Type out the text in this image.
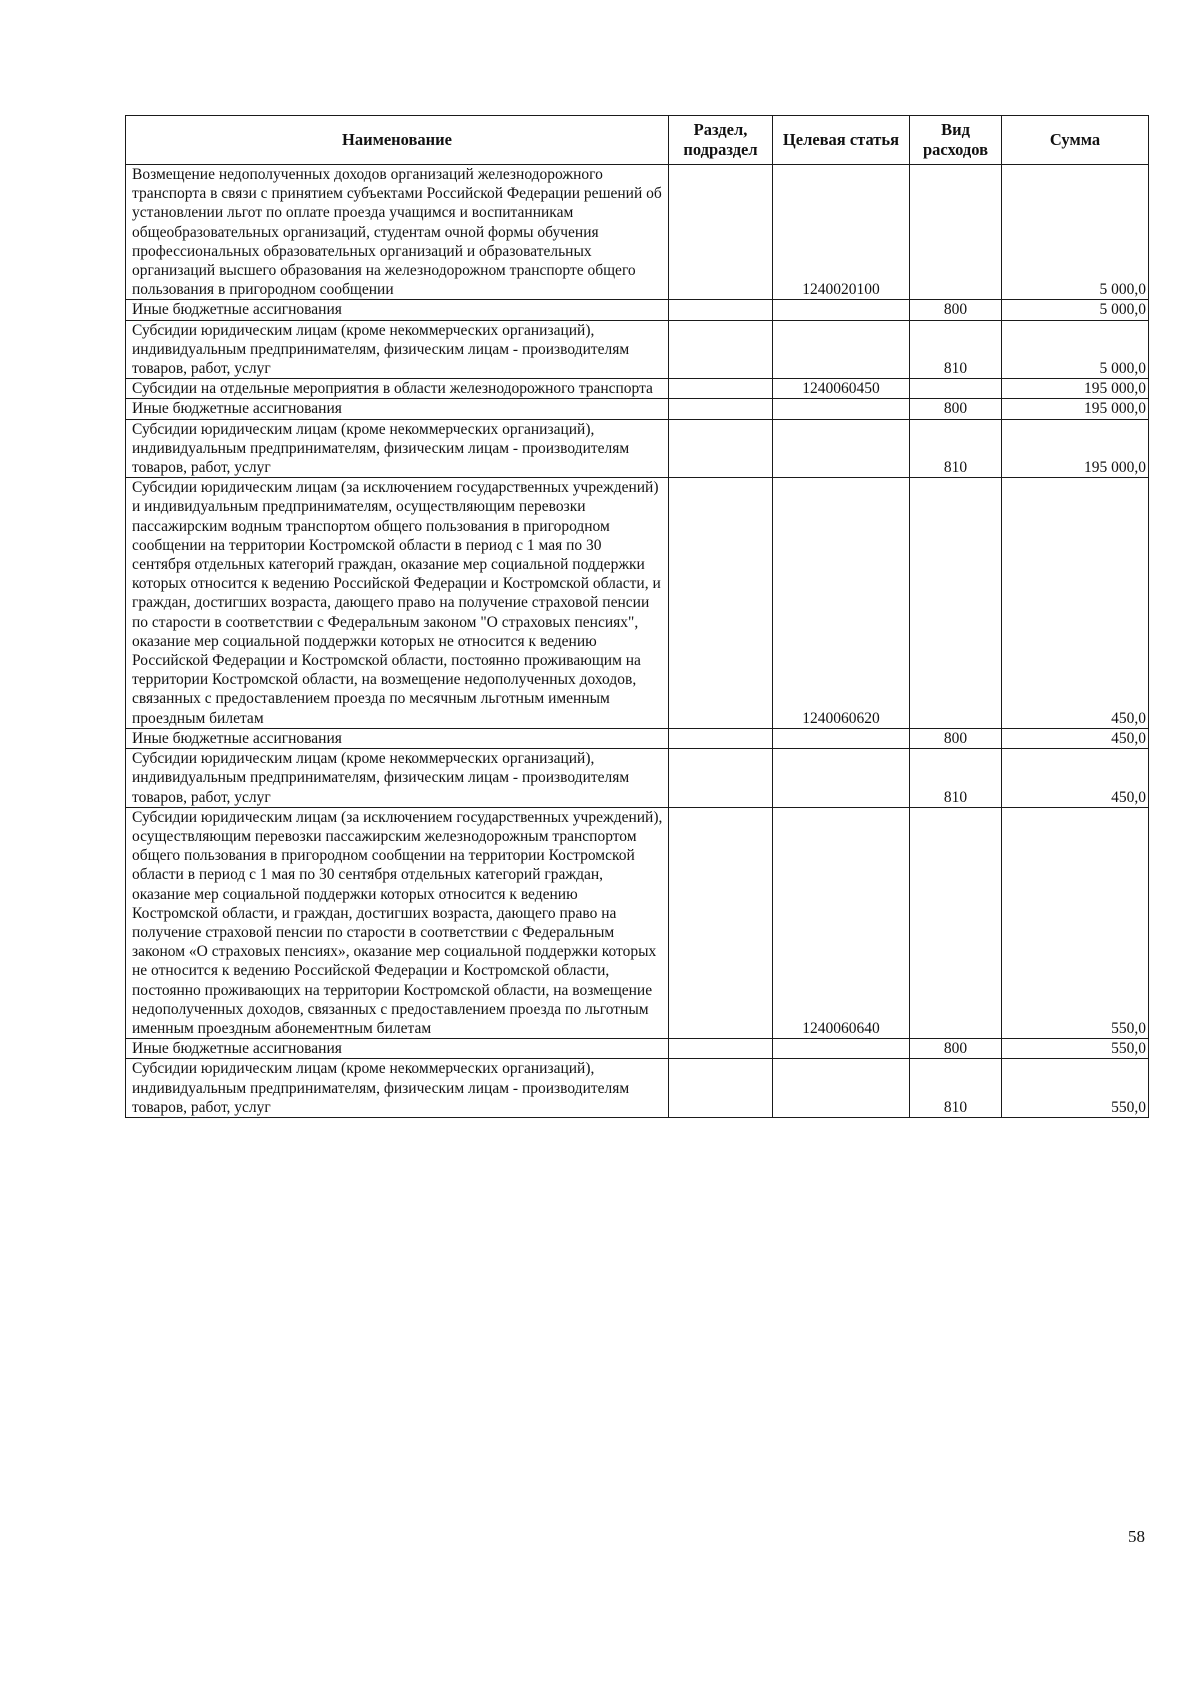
Наименование	Раздел, подраздел	Целевая статья	Вид расходов	Сумма
Возмещение недополученных доходов организаций железнодорожного транспорта в связи с принятием субъектами Российской Федерации решений об установлении льгот по оплате проезда учащимся и воспитанникам общеобразовательных организаций, студентам очной формы обучения профессиональных образовательных организаций и образовательных организаций высшего образования на железнодорожном транспорте общего пользования в пригородном сообщении		1240020100		5 000,0
Иные бюджетные ассигнования			800	5 000,0
Субсидии юридическим лицам (кроме некоммерческих организаций), индивидуальным предпринимателям, физическим лицам - производителям товаров, работ, услуг			810	5 000,0
Субсидии на отдельные мероприятия в области железнодорожного транспорта		1240060450		195 000,0
Иные бюджетные ассигнования			800	195 000,0
Субсидии юридическим лицам (кроме некоммерческих организаций), индивидуальным предпринимателям, физическим лицам - производителям товаров, работ, услуг			810	195 000,0
Субсидии юридическим лицам (за исключением государственных учреждений) и индивидуальным предпринимателям, осуществляющим перевозки пассажирским водным транспортом общего пользования в пригородном сообщении на территории Костромской области в период с 1 мая по 30 сентября отдельных категорий граждан, оказание мер социальной поддержки которых относится к ведению Российской Федерации и Костромской области, и граждан, достигших возраста, дающего право на получение страховой пенсии по старости в соответствии с Федеральным законом "О страховых пенсиях", оказание мер социальной поддержки которых не относится к ведению Российской Федерации и Костромской области, постоянно проживающим на территории Костромской области, на возмещение недополученных доходов, связанных с предоставлением проезда по месячным льготным именным проездным билетам		1240060620		450,0
Иные бюджетные ассигнования			800	450,0
Субсидии юридическим лицам (кроме некоммерческих организаций), индивидуальным предпринимателям, физическим лицам - производителям товаров, работ, услуг			810	450,0
Субсидии юридическим лицам (за исключением государственных учреждений), осуществляющим перевозки пассажирским железнодорожным транспортом общего пользования в пригородном сообщении на территории Костромской области в период с 1 мая по 30 сентября отдельных категорий граждан, оказание мер социальной поддержки которых относится к ведению Костромской области, и граждан, достигших возраста, дающего право на получение страховой пенсии по старости в соответствии с Федеральным законом «О страховых пенсиях», оказание мер социальной поддержки которых не относится к ведению Российской Федерации и Костромской области, постоянно проживающих на территории Костромской области, на возмещение недополученных доходов, связанных с предоставлением проезда по льготным именным проездным абонементным билетам		1240060640		550,0
Иные бюджетные ассигнования			800	550,0
Субсидии юридическим лицам (кроме некоммерческих организаций), индивидуальным предпринимателям, физическим лицам - производителям товаров, работ, услуг			810	550,0
58
